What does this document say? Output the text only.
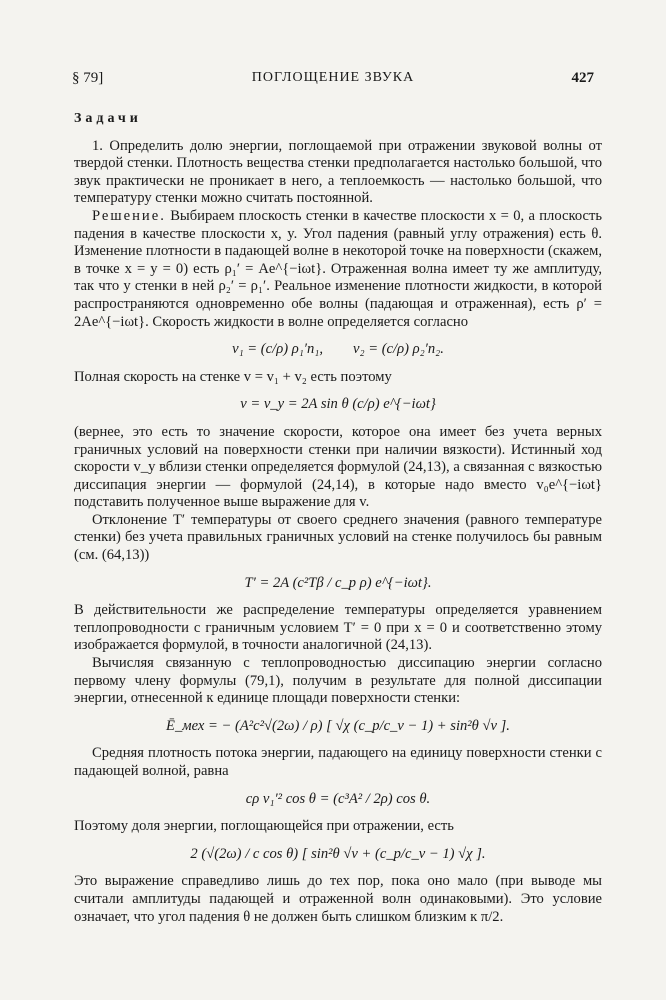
§ 79]	ПОГЛОЩЕНИЕ ЗВУКА	427
Задачи

1. Определить долю энергии, поглощаемой при отражении звуковой волны от твердой стенки. Плотность вещества стенки предполагается настолько большой, что звук практически не проникает в него, а теплоемкость — настолько большой, что температуру стенки можно считать постоянной.

Решение. Выбираем плоскость стенки в качестве плоскости x = 0, а плоскость падения в качестве плоскости x, y. Угол падения (равный углу отражения) есть θ. Изменение плотности в падающей волне в некоторой точке на поверхности (скажем, в точке x = y = 0) есть ρ₁′ = Ae^{−iωt}. Отраженная волна имеет ту же амплитуду, так что у стенки в ней ρ₂′ = ρ₁′. Реальное изменение плотности жидкости, в которой распространяются одновременно обе волны (падающая и отраженная), есть ρ′ = 2Ae^{−iωt}. Скорость жидкости в волне определяется согласно

v₁ = (c/ρ) ρ₁′n₁, v₂ = (c/ρ) ρ₂′n₂.

Полная скорость на стенке v = v₁ + v₂ есть поэтому

v = v_y = 2A sin θ (c/ρ) e^{−iωt}

(вернее, это есть то значение скорости, которое она имеет без учета верных граничных условий на поверхности стенки при наличии вязкости). Истинный ход скорости v_y вблизи стенки определяется формулой (24,13), а связанная с вязкостью диссипация энергии — формулой (24,14), в которые надо вместо v₀e^{−iωt} подставить полученное выше выражение для v.

Отклонение T′ температуры от своего среднего значения (равного температуре стенки) без учета правильных граничных условий на стенке получилось бы равным (см. (64,13))

T′ = 2A (c²Tβ / c_p ρ) e^{−iωt}.

В действительности же распределение температуры определяется уравнением теплопроводности с граничным условием T′ = 0 при x = 0 и соответственно этому изображается формулой, в точности аналогичной (24,13).

Вычисляя связанную с теплопроводностью диссипацию энергии согласно первому члену формулы (79,1), получим в результате для полной диссипации энергии, отнесенной к единице площади поверхности стенки:

Ē_мех = − (A²c²√(2ω) / ρ) [ √χ (c_p/c_v − 1) + sin²θ √ν ].

Средняя плотность потока энергии, падающего на единицу поверхности стенки с падающей волной, равна

cρ v₁′² cos θ = (c³A² / 2ρ) cos θ.

Поэтому доля энергии, поглощающейся при отражении, есть

2 (√(2ω) / c cos θ) [ sin²θ √ν + (c_p/c_v − 1) √χ ].

Это выражение справедливо лишь до тех пор, пока оно мало (при выводе мы считали амплитуды падающей и отраженной волн одинаковыми). Это условие означает, что угол падения θ не должен быть слишком близким к π/2.
